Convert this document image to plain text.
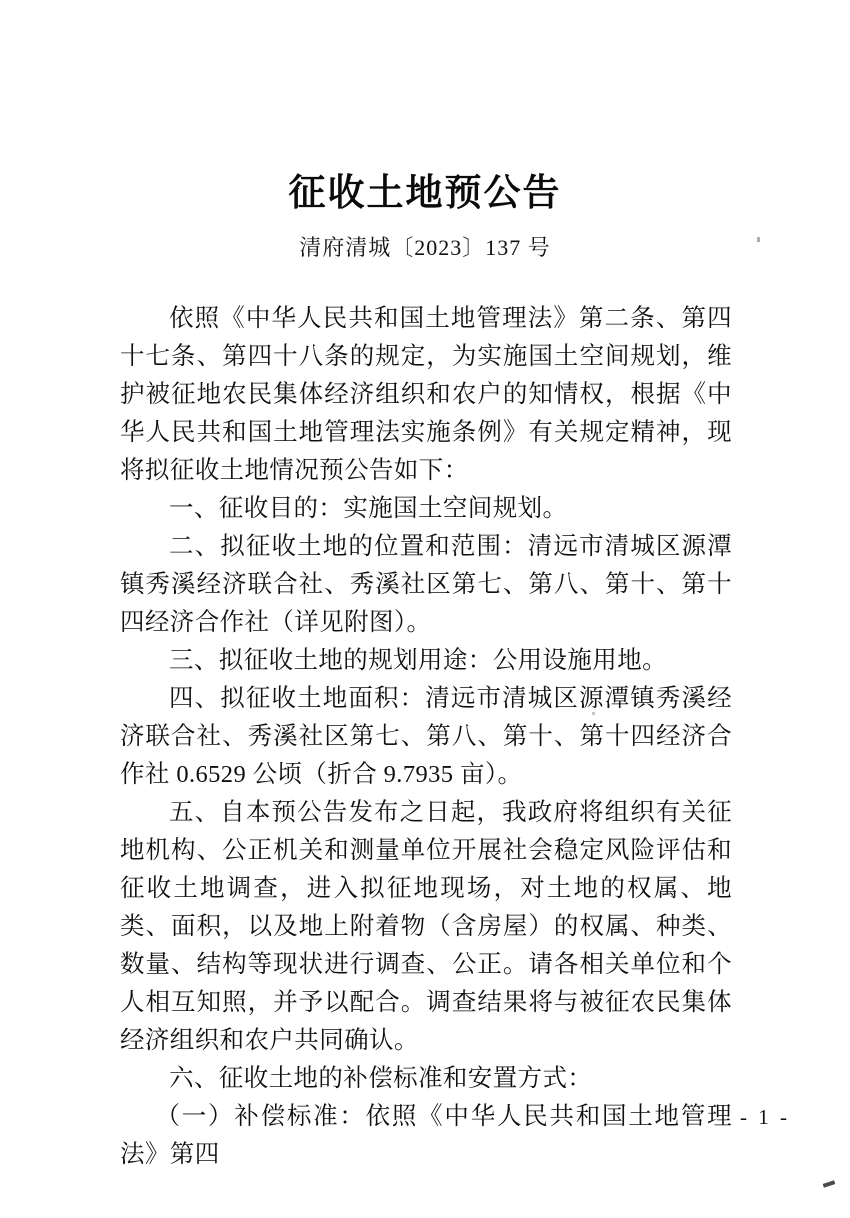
征收土地预公告
清府清城〔2023〕137 号

依照《中华人民共和国土地管理法》第二条、第四十七条、第四十八条的规定，为实施国土空间规划，维护被征地农民集体经济组织和农户的知情权，根据《中华人民共和国土地管理法实施条例》有关规定精神，现将拟征收土地情况预公告如下：

一、征收目的：实施国土空间规划。

二、拟征收土地的位置和范围：清远市清城区源潭镇秀溪经济联合社、秀溪社区第七、第八、第十、第十四经济合作社（详见附图）。

三、拟征收土地的规划用途：公用设施用地。

四、拟征收土地面积：清远市清城区源潭镇秀溪经济联合社、秀溪社区第七、第八、第十、第十四经济合作社 0.6529 公顷（折合 9.7935 亩）。

五、自本预公告发布之日起，我政府将组织有关征地机构、公正机关和测量单位开展社会稳定风险评估和征收土地调查，进入拟征地现场，对土地的权属、地类、面积，以及地上附着物（含房屋）的权属、种类、数量、结构等现状进行调查、公正。请各相关单位和个人相互知照，并予以配合。调查结果将与被征农民集体经济组织和农户共同确认。

六、征收土地的补偿标准和安置方式：

（一）补偿标准：依照《中华人民共和国土地管理法》第四

- 1 -
